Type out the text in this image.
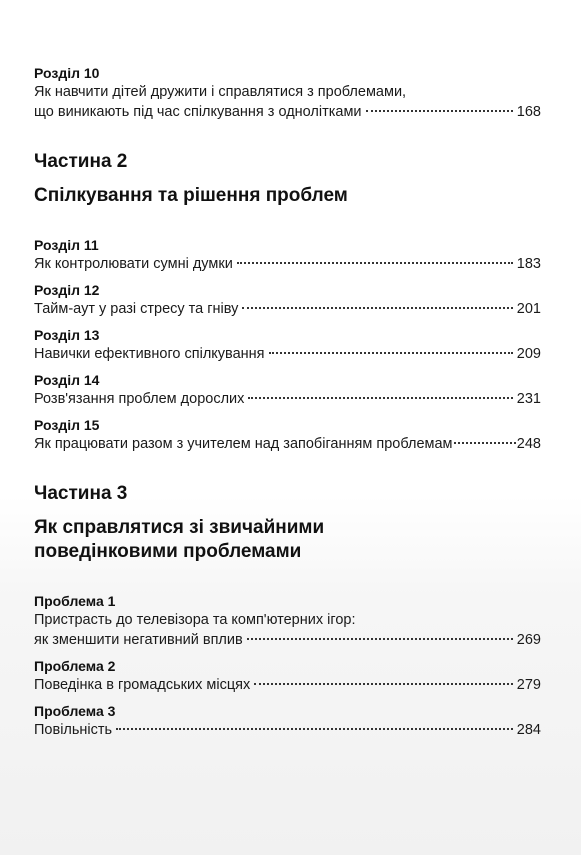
Розділ 10
Як навчити дітей дружити і справлятися з проблемами,
що виникають під час спілкування з однолітками	168
Частина 2
Спілкування та рішення проблем
Розділ 11
Як контролювати сумні думки	183
Розділ 12
Тайм-аут у разі стресу та гніву	201
Розділ 13
Навички ефективного спілкування	209
Розділ 14
Розв'язання проблем дорослих	231
Розділ 15
Як працювати разом з учителем над запобіганням проблемам	248
Частина 3
Як справлятися зі звичайними
поведінковими проблемами
Проблема 1
Пристрасть до телевізора та комп'ютерних ігор:
як зменшити негативний вплив	269
Проблема 2
Поведінка в громадських місцях	279
Проблема 3
Повільність	284
